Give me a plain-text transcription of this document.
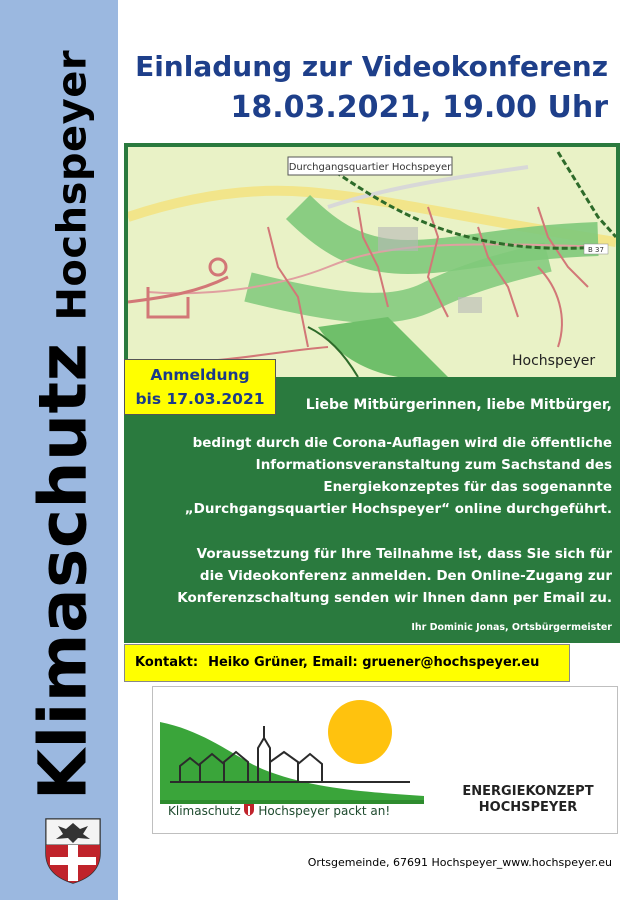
KlimaschutzHochspeyer Einladung zur Videokonferenz
18.03.2021, 19.00 Uhr
Durchgangsquartier Hochspeyer
Hochspeyer
B 37
Anmeldung
bis 17.03.2021	Liebe Mitbürgerinnen, liebe Mitbürger,
bedingt durch die Corona-Auflagen wird die öffentliche
Informationsveranstaltung zum Sachstand des
Energiekonzeptes für das sogenannte
„Durchgangsquartier Hochspeyer“ online durchgeführt.
Voraussetzung für Ihre Teilnahme ist, dass Sie sich für
die Videokonferenz anmelden. Den Online-Zugang zur
Konferenzschaltung senden wir Ihnen dann per Email zu.
Ihr Dominic Jonas, Ortsbürgermeister
Kontakt: Heiko Grüner, Email: gruener@hochspeyer.eu
Klimaschutz Hochspeyer packt an!
ENERGIEKONZEPT
HOCHSPEYER
Ortsgemeinde, 67691 Hochspeyer_www.hochspeyer.eu
